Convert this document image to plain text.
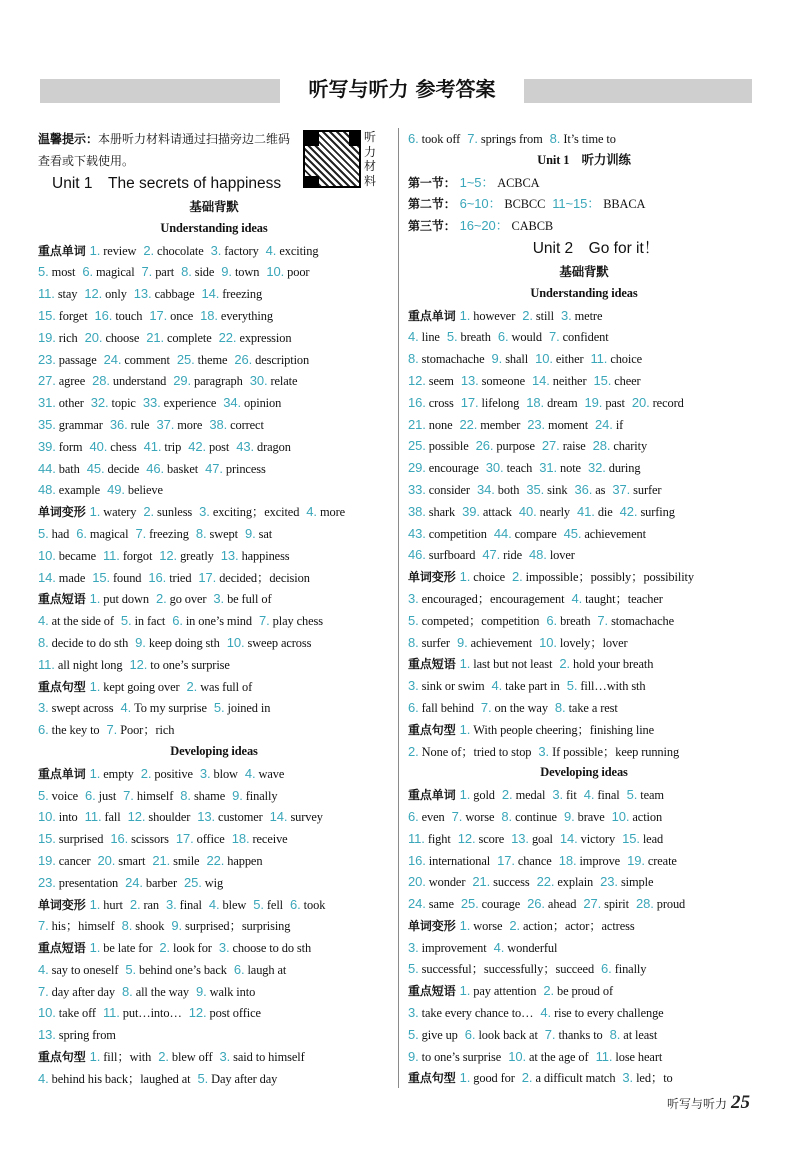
听写与听力 参考答案
温馨提示：本册听力材料请通过扫描旁边二维码查看或下载使用。
听力材料
Unit 1　The secrets of happiness
基础背默
Understanding ideas
重点单词 1. review 2. chocolate 3. factory 4. exciting
5. most 6. magical 7. part 8. side 9. town 10. poor
11. stay 12. only 13. cabbage 14. freezing
15. forget 16. touch 17. once 18. everything
19. rich 20. choose 21. complete 22. expression
23. passage 24. comment 25. theme 26. description
27. agree 28. understand 29. paragraph 30. relate
31. other 32. topic 33. experience 34. opinion
35. grammar 36. rule 37. more 38. correct
39. form 40. chess 41. trip 42. post 43. dragon
44. bath 45. decide 46. basket 47. princess
48. example 49. believe
单词变形 1. watery 2. sunless 3. exciting；excited 4. more
5. had 6. magical 7. freezing 8. swept 9. sat
10. became 11. forgot 12. greatly 13. happiness
14. made 15. found 16. tried 17. decided；decision
重点短语 1. put down 2. go over 3. be full of
4. at the side of 5. in fact 6. in one’s mind 7. play chess
8. decide to do sth 9. keep doing sth 10. sweep across
11. all night long 12. to one’s surprise
重点句型 1. kept going over 2. was full of
3. swept across 4. To my surprise 5. joined in
6. the key to 7. Poor；rich
Developing ideas
重点单词 1. empty 2. positive 3. blow 4. wave
5. voice 6. just 7. himself 8. shame 9. finally
10. into 11. fall 12. shoulder 13. customer 14. survey
15. surprised 16. scissors 17. office 18. receive
19. cancer 20. smart 21. smile 22. happen
23. presentation 24. barber 25. wig
单词变形 1. hurt 2. ran 3. final 4. blew 5. fell 6. took
7. his；himself 8. shook 9. surprised；surprising
重点短语 1. be late for 2. look for 3. choose to do sth
4. say to oneself 5. behind one’s back 6. laugh at
7. day after day 8. all the way 9. walk into
10. take off 11. put…into… 12. post office
13. spring from
重点句型 1. fill；with 2. blew off 3. said to himself
4. behind his back；laughed at 5. Day after day
6. took off 7. springs from 8. It’s time to
Unit 1　听力训练
第一节： 1~5： ACBCA
第二节： 6~10： BCBCC 11~15： BBACA
第三节： 16~20： CABCB
Unit 2　Go for it！
基础背默
Understanding ideas
重点单词 1. however 2. still 3. metre
4. line 5. breath 6. would 7. confident
8. stomachache 9. shall 10. either 11. choice
12. seem 13. someone 14. neither 15. cheer
16. cross 17. lifelong 18. dream 19. past 20. record
21. none 22. member 23. moment 24. if
25. possible 26. purpose 27. raise 28. charity
29. encourage 30. teach 31. note 32. during
33. consider 34. both 35. sink 36. as 37. surfer
38. shark 39. attack 40. nearly 41. die 42. surfing
43. competition 44. compare 45. achievement
46. surfboard 47. ride 48. lover
单词变形 1. choice 2. impossible；possibly；possibility
3. encouraged；encouragement 4. taught；teacher
5. competed；competition 6. breath 7. stomachache
8. surfer 9. achievement 10. lovely；lover
重点短语 1. last but not least 2. hold your breath
3. sink or swim 4. take part in 5. fill…with sth
6. fall behind 7. on the way 8. take a rest
重点句型 1. With people cheering；finishing line
2. None of；tried to stop 3. If possible；keep running
Developing ideas
重点单词 1. gold 2. medal 3. fit 4. final 5. team
6. even 7. worse 8. continue 9. brave 10. action
11. fight 12. score 13. goal 14. victory 15. lead
16. international 17. chance 18. improve 19. create
20. wonder 21. success 22. explain 23. simple
24. same 25. courage 26. ahead 27. spirit 28. proud
单词变形 1. worse 2. action；actor；actress
3. improvement 4. wonderful
5. successful；successfully；succeed 6. finally
重点短语 1. pay attention 2. be proud of
3. take every chance to… 4. rise to every challenge
5. give up 6. look back at 7. thanks to 8. at least
9. to one’s surprise 10. at the age of 11. lose heart
重点句型 1. good for 2. a difficult match 3. led；to
听写与听力 25
